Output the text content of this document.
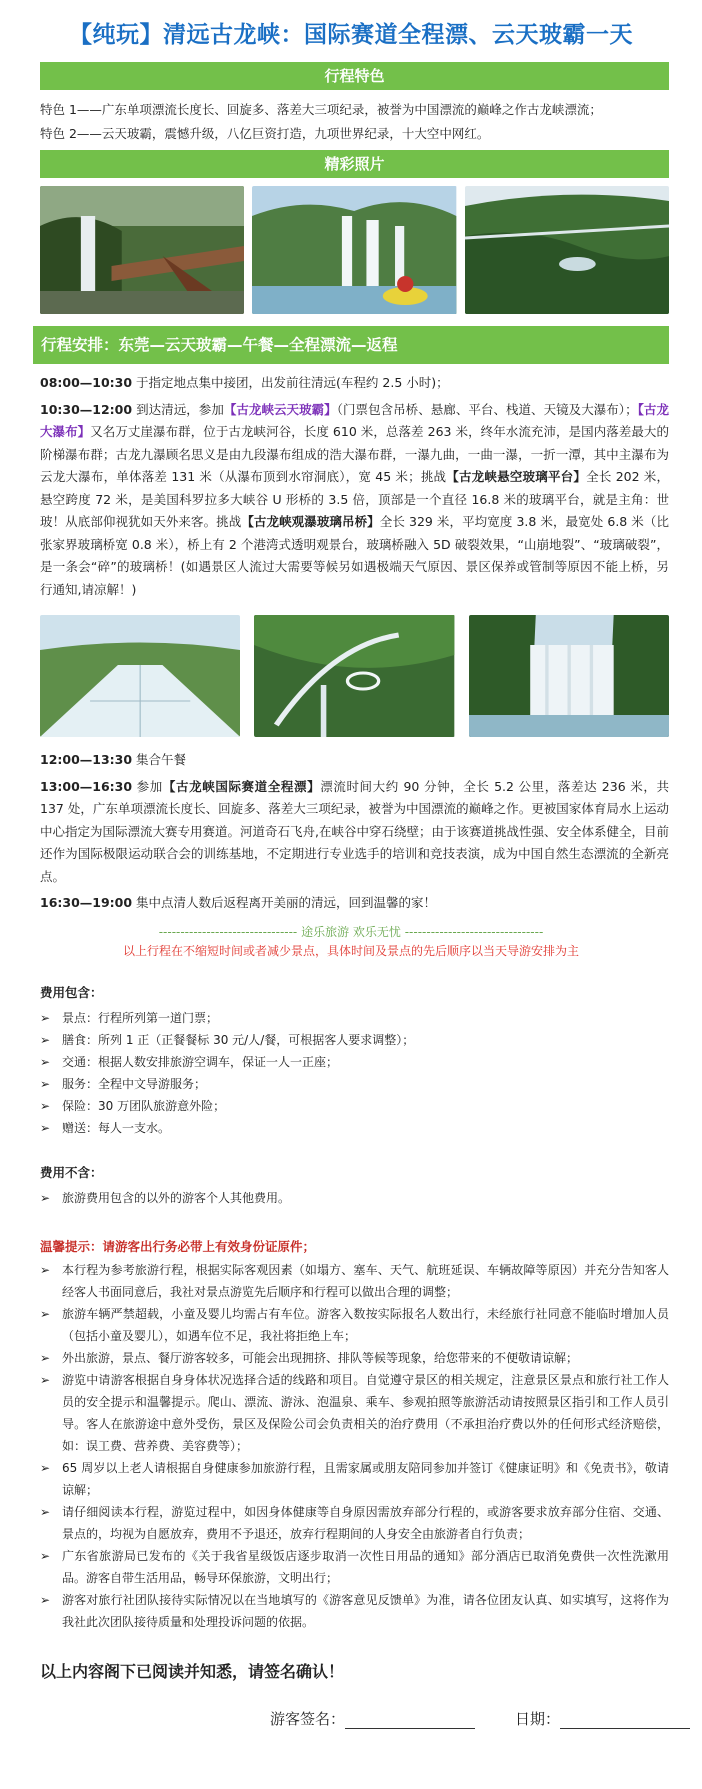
【纯玩】清远古龙峡：国际赛道全程漂、云天玻霸一天
行程特色
特色 1——广东单项漂流长度长、回旋多、落差大三项纪录，被誉为中国漂流的巅峰之作古龙峡漂流；
特色 2——云天玻霸，震憾升级，八亿巨资打造，九项世界纪录，十大空中网红。
精彩照片
行程安排：东莞—云天玻霸—午餐—全程漂流—返程

08:00—10:30 于指定地点集中接团，出发前往清远(车程约 2.5 小时)；

10:30—12:00 到达清远，参加【古龙峡云天玻霸】（门票包含吊桥、悬廊、平台、栈道、天镜及大瀑布）；【古龙大瀑布】又名万丈崖瀑布群，位于古龙峡河谷，长度 610 米，总落差 263 米，终年水流充沛，是国内落差最大的阶梯瀑布群；古龙九瀑顾名思义是由九段瀑布组成的浩大瀑布群，一瀑九曲，一曲一瀑，一折一潭，其中主瀑布为云龙大瀑布，单体落差 131 米（从瀑布顶到水帘洞底），宽 45 米；挑战【古龙峡悬空玻璃平台】全长 202 米，悬空跨度 72 米，是美国科罗拉多大峡谷 U 形桥的 3.5 倍，顶部是一个直径 16.8 米的玻璃平台，就是主角：世玻！从底部仰视犹如天外来客。挑战【古龙峡观瀑玻璃吊桥】全长 329 米，平均宽度 3.8 米，最宽处 6.8 米（比张家界玻璃桥宽 0.8 米），桥上有 2 个港湾式透明观景台，玻璃桥融入 5D 破裂效果，“山崩地裂”、“玻璃破裂”，是一条会“碎”的玻璃桥！(如遇景区人流过大需要等候另如遇极端天气原因、景区保养或管制等原因不能上桥，另行通知,请凉解！)

12:00—13:30 集合午餐

13:00—16:30 参加【古龙峡国际赛道全程漂】漂流时间大约 90 分钟，全长 5.2 公里，落差达 236 米，共 137 处，广东单项漂流长度长、回旋多、落差大三项纪录，被誉为中国漂流的巅峰之作。更被国家体育局水上运动中心指定为国际漂流大赛专用赛道。河道奇石飞舟,在峡谷中穿石绕壁；由于该赛道挑战性强、安全体系健全，目前还作为国际极限运动联合会的训练基地，不定期进行专业选手的培训和竞技表演，成为中国自然生态漂流的全新亮点。

16:30—19:00 集中点清人数后返程离开美丽的清远，回到温馨的家！

-------------------------------- 途乐旅游 欢乐无忧 --------------------------------
以上行程在不缩短时间或者减少景点，具体时间及景点的先后顺序以当天导游安排为主
费用包含：
➢ 景点：行程所列第一道门票；
➢ 膳食：所列 1 正（正餐餐标 30 元/人/餐，可根据客人要求调整）；
➢ 交通：根据人数安排旅游空调车，保证一人一正座；
➢ 服务：全程中文导游服务；
➢ 保险：30 万团队旅游意外险；
➢ 赠送：每人一支水。
费用不含：
➢ 旅游费用包含的以外的游客个人其他费用。
温馨提示：请游客出行务必带上有效身份证原件；
➢ 本行程为参考旅游行程，根据实际客观因素（如塌方、塞车、天气、航班延误、车辆故障等原因）并充分告知客人经客人书面同意后，我社对景点游览先后顺序和行程可以做出合理的调整；
➢ 旅游车辆严禁超载，小童及婴儿均需占有车位。游客入数按实际报名人数出行，未经旅行社同意不能临时增加人员（包括小童及婴儿），如遇车位不足，我社将拒绝上车；
➢ 外出旅游，景点、餐厅游客较多，可能会出现拥挤、排队等候等现象，给您带来的不便敬请谅解；
➢ 游览中请游客根据自身身体状况选择合适的线路和项目。自觉遵守景区的相关规定，注意景区景点和旅行社工作人员的安全提示和温馨提示。爬山、漂流、游泳、泡温泉、乘车、参观拍照等旅游活动请按照景区指引和工作人员引导。客人在旅游途中意外受伤，景区及保险公司会负责相关的治疗费用（不承担治疗费以外的任何形式经济赔偿，如：误工费、营养费、美容费等）；
➢ 65 周岁以上老人请根据自身健康参加旅游行程，且需家属或朋友陪同参加并签订《健康证明》和《免责书》，敬请谅解；
➢ 请仔细阅读本行程，游览过程中，如因身体健康等自身原因需放弃部分行程的，或游客要求放弃部分住宿、交通、景点的，均视为自愿放弃，费用不予退还，放弃行程期间的人身安全由旅游者自行负责；
➢ 广东省旅游局已发布的《关于我省星级饭店逐步取消一次性日用品的通知》部分酒店已取消免费供一次性洗漱用品。游客自带生活用品，畅导环保旅游，文明出行；
➢ 游客对旅行社团队接待实际情况以在当地填写的《游客意见反馈单》为准，请各位团友认真、如实填写，这将作为我社此次团队接待质量和处理投诉问题的依据。
以上内容阁下已阅读并知悉，请签名确认！
游客签名：	日期：
